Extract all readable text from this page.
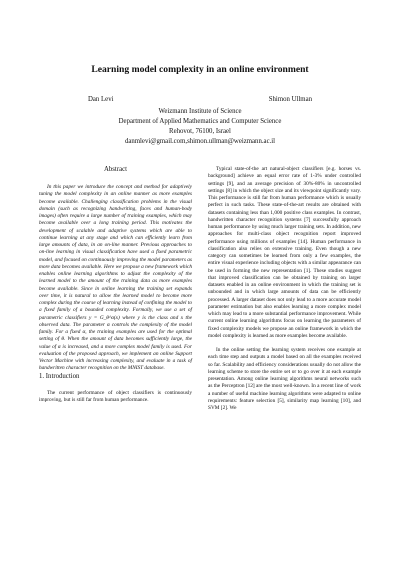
Learning model complexity in an online environment
Dan Levi	Shimon Ullman
Weizmann Institute of Science
Department of Applied Mathematics and Computer Science
Rehovot, 76100, Israel
danmlevi@gmail.com,shimon.ullman@weizmann.ac.il
Abstract

In this paper we introduce the concept and method for adaptively tuning the model complexity in an online manner as more examples become available. Challenging classification problems in the visual domain (such as recognizing handwriting, faces and human-body images) often require a large number of training examples, which may become available over a long training period. This motivates the development of scalable and adaptive systems which are able to continue learning at any stage and which can efficiently learn from large amounts of data, in an on-line manner. Previous approaches to on-line learning in visual classification have used a fixed parametric model, and focused on continuously improving the model parameters as more data becomes available. Here we propose a new framework which enables online learning algorithms to adjust the complexity of the learned model to the amount of the training data as more examples become available. Since in online learning the training set expands over time, it is natural to allow the learned model to become more complex during the course of learning instead of confining the model to a fixed family of a bounded complexity. Formally, we use a set of parametric classifiers y = G_θ^α(x) where y is the class and x the observed data. The parameter α controls the complexity of the model family. For a fixed α, the training examples are used for the optimal setting of θ. When the amount of data becomes sufficiently large, the value of α is increased, and a more complex model family is used. For evaluation of the proposed approach, we implement an online Support Vector Machine with increasing complexity, and evaluate in a task of handwritten character recognition on the MNIST database.

1. Introduction

The current performance of object classifiers is continuously improving, but is still far from human performance.

Typical state-of-the art natural-object classifiers [e.g. horses vs. background] achieve an equal error rate of 1-3% under controlled settings [9], and an average precision of 30%-80% in uncontrolled settings [8] in which the object size and its viewpoint significantly vary. This performance is still far from human performance which is usually perfect in such tasks. These state-of-the-art results are obtained with datasets containing less than 1,000 positive class examples. In contrast, handwritten character recognition systems [7] successfully approach human performance by using much larger training sets. In addition, new approaches for multi-class object recognition report improved performance using millions of examples [14]. Human performance in classification also relies on extensive training. Even though a new category can sometimes be learned from only a few examples, the entire visual experience including objects with a similar appearance can be used in forming the new representation [1]. These studies suggest that improved classification can be obtained by training on larger datasets enabled in an online environment in which the training set is unbounded and in which large amounts of data can be efficiently processed. A larger dataset does not only lead to a more accurate model parameter estimation but also enables learning a more complex model which may lead to a more substantial performance improvement. While current online learning algorithms focus on learning the parameters of fixed complexity models we propose an online framework in which the model complexity is learned as more examples become available.

In the online setting the learning system receives one example at each time step and outputs a model based on all the examples received so far. Scalability and efficiency considerations usually do not allow the learning scheme to store the entire set or to go over it at each example presentation. Among online learning algorithms neural networks such as the Perceptron [12] are the most well-known. In a recent line of work a number of useful machine learning algorithms were adapted to online requirements: feature selection [5], similarity map learning [10], and SVM [2]. We
